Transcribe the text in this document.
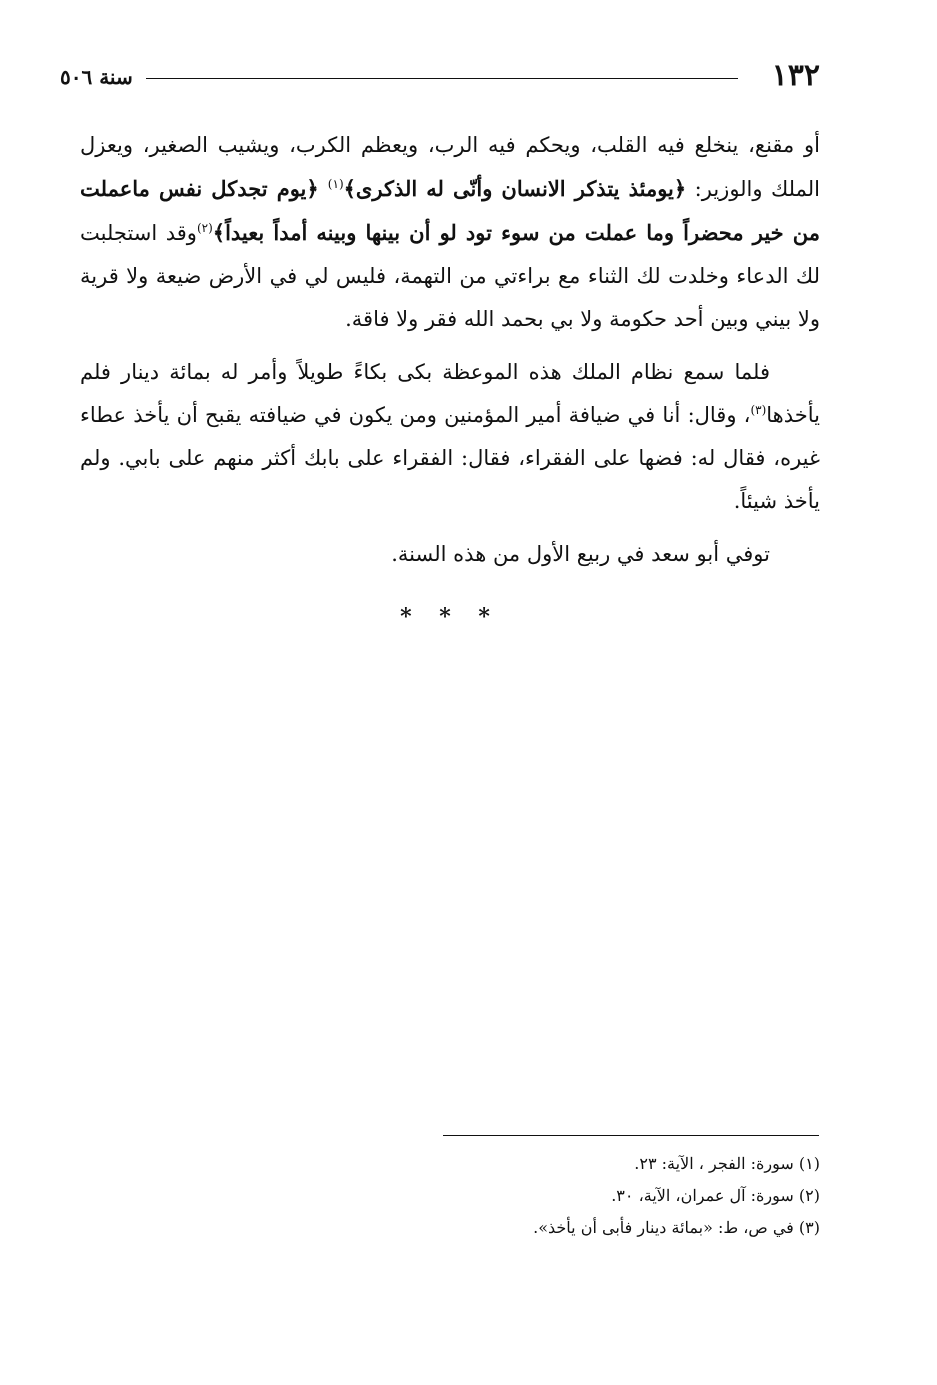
١٣٢
سنة ٥٠٦

أو مقنع، ينخلع فيه القلب، ويحكم فيه الرب، ويعظم الكرب، ويشيب الصغير، ويعزل الملك والوزير: ﴿يومئذ يتذكر الانسان وأنّى له الذكرى﴾$^{(١)}$ ﴿يوم تجدكل نفس ماعملت من خير محضراً وما عملت من سوء تود لو أن بينها وبينه أمداً بعيداً﴾$^{(٢)}$وقد استجلبت لك الدعاء وخلدت لك الثناء مع براءتي من التهمة، فليس لي في الأرض ضيعة ولا قرية ولا بيني وبين أحد حكومة ولا بي بحمد الله فقر ولا فاقة.

فلما سمع نظام الملك هذه الموعظة بكى بكاءً طويلاً وأمر له بمائة دينار فلم يأخذها$^{(٣)}$، وقال: أنا في ضيافة أمير المؤمنين ومن يكون في ضيافته يقبح أن يأخذ عطاء غيره، فقال له: فضها على الفقراء، فقال: الفقراء على بابك أكثر منهم على بابي. ولم يأخذ شيئاً.

توفي أبو سعد في ربيع الأول من هذه السنة.

* * *
(١) سورة: الفجر ، الآية: ٢٣.
(٢) سورة: آل عمران، الآية، ٣٠.
(٣) في ص، ط: «بمائة دينار فأبى أن يأخذ».
